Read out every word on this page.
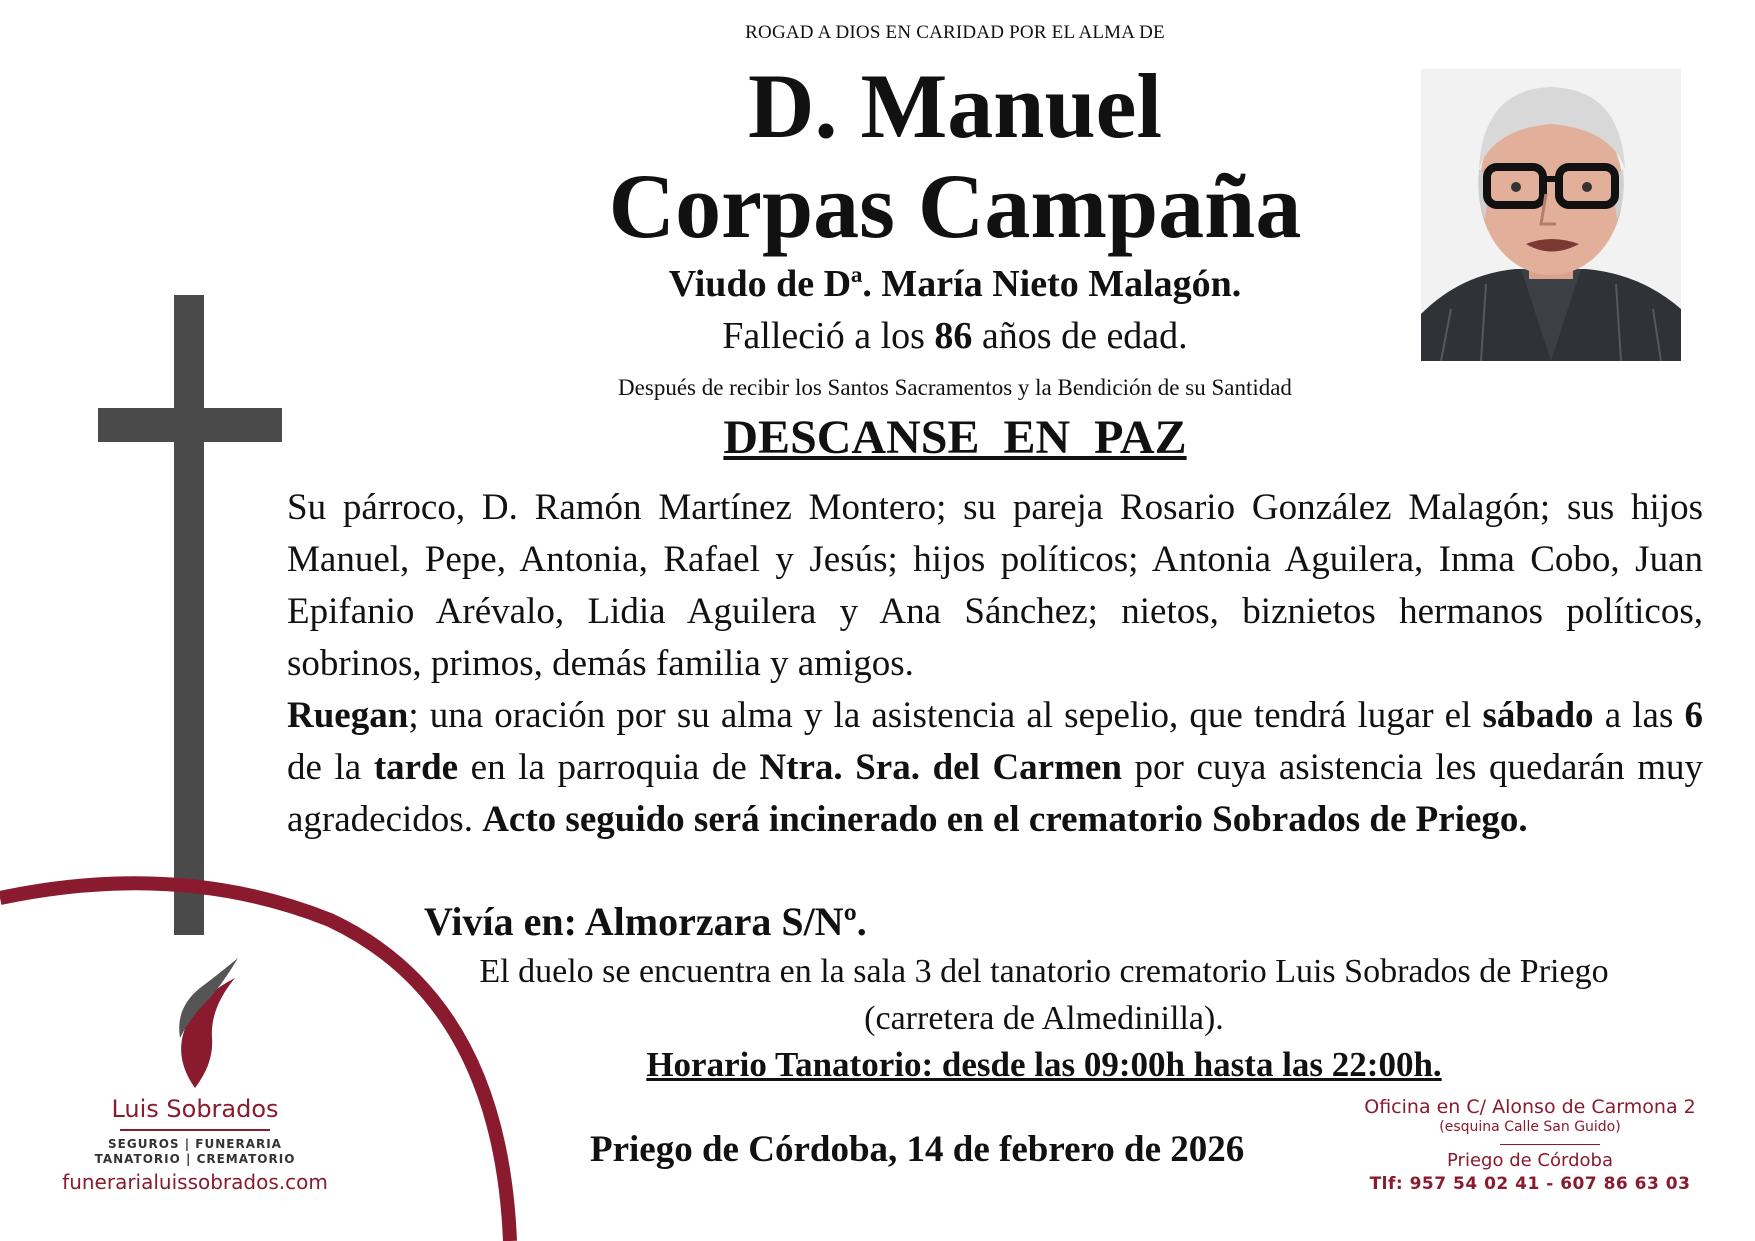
ROGAD A DIOS EN CARIDAD POR EL ALMA DE
D. Manuel
Corpas Campaña
Viudo de Dª. María Nieto Malagón.
Falleció a los 86 años de edad.
Después de recibir los Santos Sacramentos y la Bendición de su Santidad
DESCANSE EN PAZ

Su párroco, D. Ramón Martínez Montero; su pareja Rosario González Malagón; sus hijos Manuel, Pepe, Antonia, Rafael y Jesús; hijos políticos; Antonia Aguilera, Inma Cobo, Juan Epifanio Arévalo, Lidia Aguilera y Ana Sánchez; nietos, biznietos hermanos políticos, sobrinos, primos, demás familia y amigos.

Ruegan; una oración por su alma y la asistencia al sepelio, que tendrá lugar el sábado a las 6 de la tarde en la parroquia de Ntra. Sra. del Carmen por cuya asistencia les quedarán muy agradecidos. Acto seguido será incinerado en el crematorio Sobrados de Priego.

Vivía en: Almorzara S/Nº.
El duelo se encuentra en la sala 3 del tanatorio crematorio Luis Sobrados de Priego
(carretera de Almedinilla).
Horario Tanatorio: desde las 09:00h hasta las 22:00h.
Priego de Córdoba, 14 de febrero de 2026
Luis Sobrados
SEGUROS | FUNERARIA
TANATORIO | CREMATORIO
funerarialuissobrados.com
Oficina en C/ Alonso de Carmona 2
(esquina Calle San Guido)
Priego de Córdoba
Tlf: 957 54 02 41 - 607 86 63 03
